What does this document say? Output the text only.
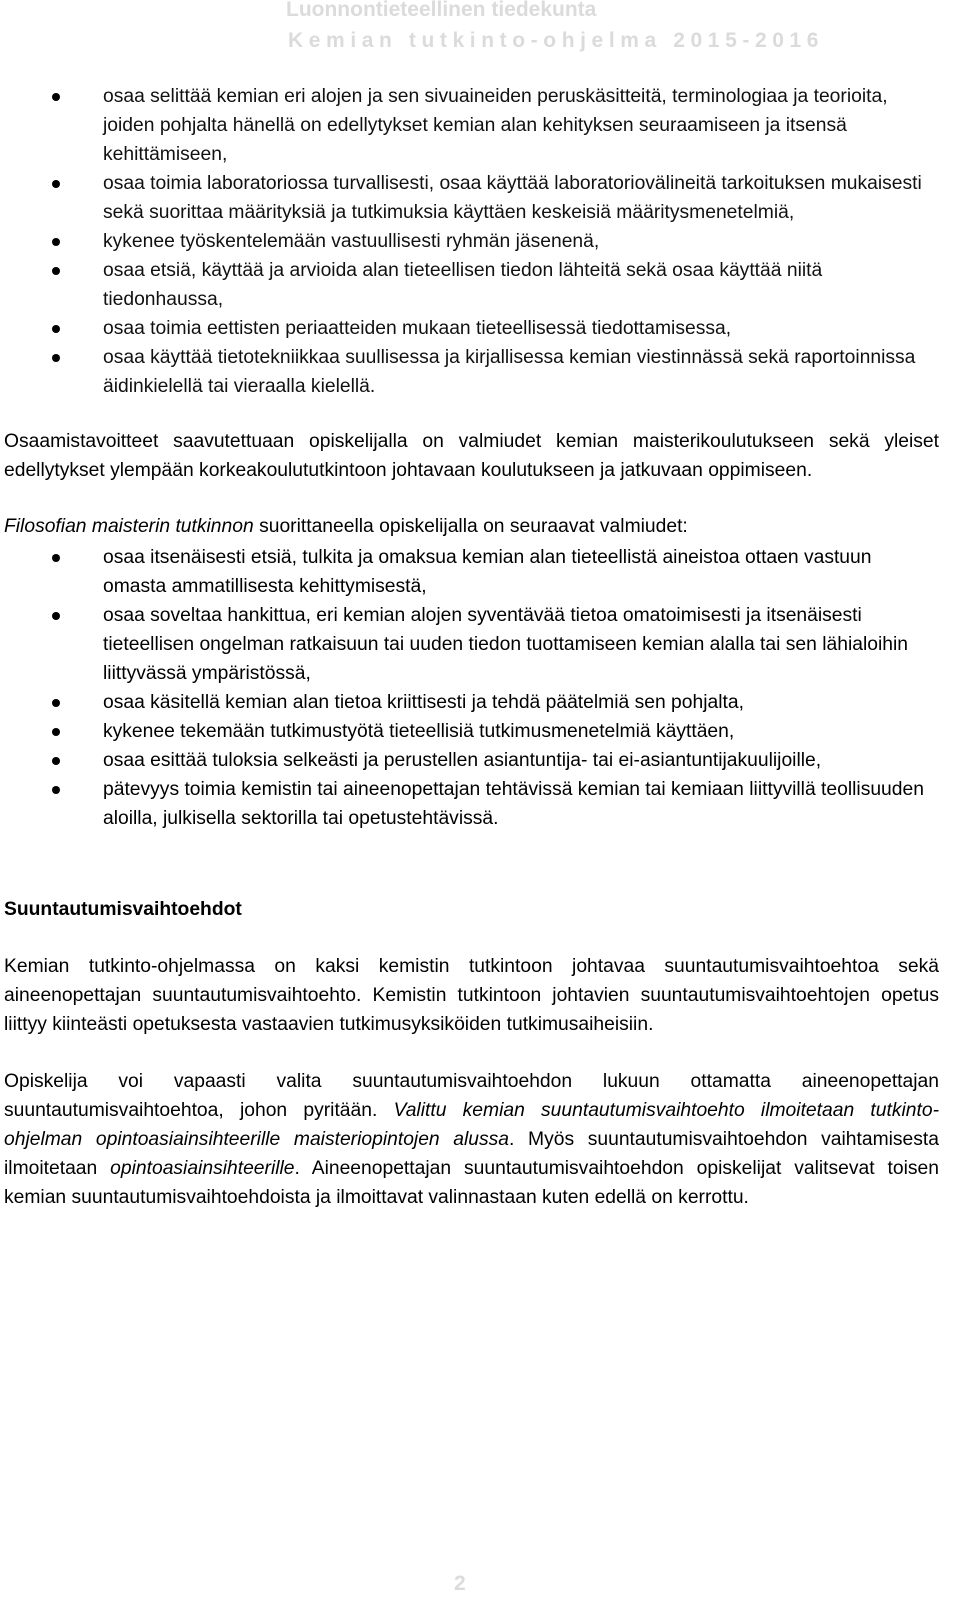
Luonnontieteellinen tiedekunta
Kemian tutkinto-ohjelma 2015-2016
osaa selittää kemian eri alojen ja sen sivuaineiden peruskäsitteitä, terminologiaa ja teorioita, joiden pohjalta hänellä on edellytykset kemian alan kehityksen seuraamiseen ja itsensä kehittämiseen,
osaa toimia laboratoriossa turvallisesti, osaa käyttää laboratoriovälineitä tarkoituksen mukaisesti sekä suorittaa määrityksiä ja tutkimuksia käyttäen keskeisiä määritysmenetelmiä,
kykenee työskentelemään vastuullisesti ryhmän jäsenenä,
osaa etsiä, käyttää ja arvioida alan tieteellisen tiedon lähteitä sekä osaa käyttää niitä tiedonhaussa,
osaa toimia eettisten periaatteiden mukaan tieteellisessä tiedottamisessa,
osaa käyttää tietotekniikkaa suullisessa ja kirjallisessa kemian viestinnässä sekä raportoinnissa äidinkielellä tai vieraalla kielellä.

Osaamistavoitteet saavutettuaan opiskelijalla on valmiudet kemian maisterikoulutukseen sekä yleiset edellytykset ylempään korkeakoulututkintoon johtavaan koulutukseen ja jatkuvaan oppimiseen.

Filosofian maisterin tutkinnon suorittaneella opiskelijalla on seuraavat valmiudet:

osaa itsenäisesti etsiä, tulkita ja omaksua kemian alan tieteellistä aineistoa ottaen vastuun omasta ammatillisesta kehittymisestä,
osaa soveltaa hankittua, eri kemian alojen syventävää tietoa omatoimisesti ja itsenäisesti tieteellisen ongelman ratkaisuun tai uuden tiedon tuottamiseen kemian alalla tai sen lähialoihin liittyvässä ympäristössä,
osaa käsitellä kemian alan tietoa kriittisesti ja tehdä päätelmiä sen pohjalta,
kykenee tekemään tutkimustyötä tieteellisiä tutkimusmenetelmiä käyttäen,
osaa esittää tuloksia selkeästi ja perustellen asiantuntija- tai ei-asiantuntijakuulijoille,
pätevyys toimia kemistin tai aineenopettajan tehtävissä kemian tai kemiaan liittyvillä teollisuuden aloilla, julkisella sektorilla tai opetustehtävissä.
Suuntautumisvaihtoehdot

Kemian tutkinto-ohjelmassa on kaksi kemistin tutkintoon johtavaa suuntautumisvaihtoehtoa sekä aineenopettajan suuntautumisvaihtoehto. Kemistin tutkintoon johtavien suuntautumisvaihtoehtojen opetus liittyy kiinteästi opetuksesta vastaavien tutkimusyksiköiden tutkimusaiheisiin.

Opiskelija voi vapaasti valita suuntautumisvaihtoehdon lukuun ottamatta aineenopettajan suuntautumisvaihtoehtoa, johon pyritään. Valittu kemian suuntautumisvaihtoehto ilmoitetaan tutkinto-ohjelman opintoasiainsihteerille maisteriopintojen alussa. Myös suuntautumisvaihtoehdon vaihtamisesta ilmoitetaan opintoasiainsihteerille. Aineenopettajan suuntautumisvaihtoehdon opiskelijat valitsevat toisen kemian suuntautumisvaihtoehdoista ja ilmoittavat valinnastaan kuten edellä on kerrottu.

2
